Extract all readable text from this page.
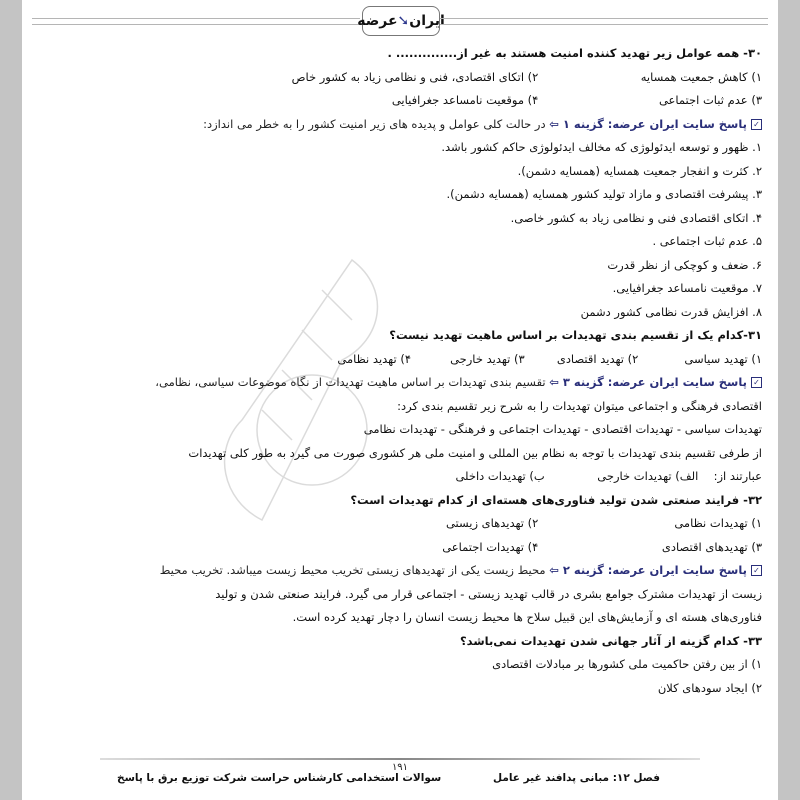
ایران
➘
عرضه
۳۰- همه عوامل زیر تهدید کننده امنیت هستند به غیر از.............. .
۱) کاهش جمعیت همسایه ۲) اتکای اقتصادی، فنی و نظامی زیاد به کشور خاص
۳) عدم ثبات اجتماعی ۴) موقعیت نامساعد جغرافیایی
✓پاسخ سایت ایران عرضه: گزینه ۱ ⇦ در حالت کلی عوامل و پدیده های زیر امنیت کشور را به خطر می اندازد:
۱. ظهور و توسعه ایدئولوژی که مخالف ایدئولوژی حاکم کشور باشد.
۲. کثرت و انفجار جمعیت همسایه (همسایه دشمن).
۳. پیشرفت اقتصادی و مازاد تولید کشور همسایه (همسایه دشمن).
۴. اتکای اقتصادی فنی و نظامی زیاد به کشور خاصی.
۵. عدم ثبات اجتماعی .
۶. ضعف و کوچکی از نظر قدرت
۷. موقعیت نامساعد جغرافیایی.
۸. افزایش قدرت نظامی کشور دشمن
۳۱-کدام یک از تقسیم بندی تهدیدات بر اساس ماهیت تهدید نیست؟
۱) تهدید سیاسی ۲) تهدید اقتصادی ۳) تهدید خارجی ۴) تهدید نظامی
✓پاسخ سایت ایران عرضه: گزینه ۳ ⇦ تقسیم بندی تهدیدات بر اساس ماهیت تهدیدات از نگاه موضوعات سیاسی، نظامی،
اقتصادی فرهنگی و اجتماعی میتوان تهدیدات را به شرح زیر تقسیم بندی کرد:
تهدیدات سیاسی - تهدیدات اقتصادی - تهدیدات اجتماعی و فرهنگی - تهدیدات نظامی
از طرفی تقسیم بندی تهدیدات با توجه به نظام بین المللی و امنیت ملی هر کشوری صورت می گیرد به طور کلی تهدیدات
عبارتند از: الف) تهدیدات خارجی ب) تهدیدات داخلی
۳۲- فرایند صنعتی شدن تولید فناوری‌های هسته‌ای از کدام تهدیدات است؟
۱) تهدیدات نظامی ۲) تهدیدهای زیستی
۳) تهدیدهای اقتصادی ۴) تهدیدات اجتماعی
✓پاسخ سایت ایران عرضه: گزینه ۲ ⇦ محیط زیست یکی از تهدیدهای زیستی تخریب محیط زیست میباشد. تخریب محیط
زیست از تهدیدات مشترک جوامع بشری در قالب تهدید زیستی - اجتماعی قرار می گیرد. فرایند صنعتی شدن و تولید
فناوری‌های هسته ای و آزمایش‌های این قبیل سلاح ها محیط زیست انسان را دچار تهدید کرده است.
۳۳- کدام گزینه از آثار جهانی شدن تهدیدات نمی‌باشد؟
۱) از بین رفتن حاکمیت ملی کشورها بر مبادلات اقتصادی
۲) ایجاد سودهای کلان
۱۹۱
فصل ۱۲: مبانی پدافند غیر عامل
سوالات استخدامی کارشناس حراست شرکت توزیع برق با پاسخ
